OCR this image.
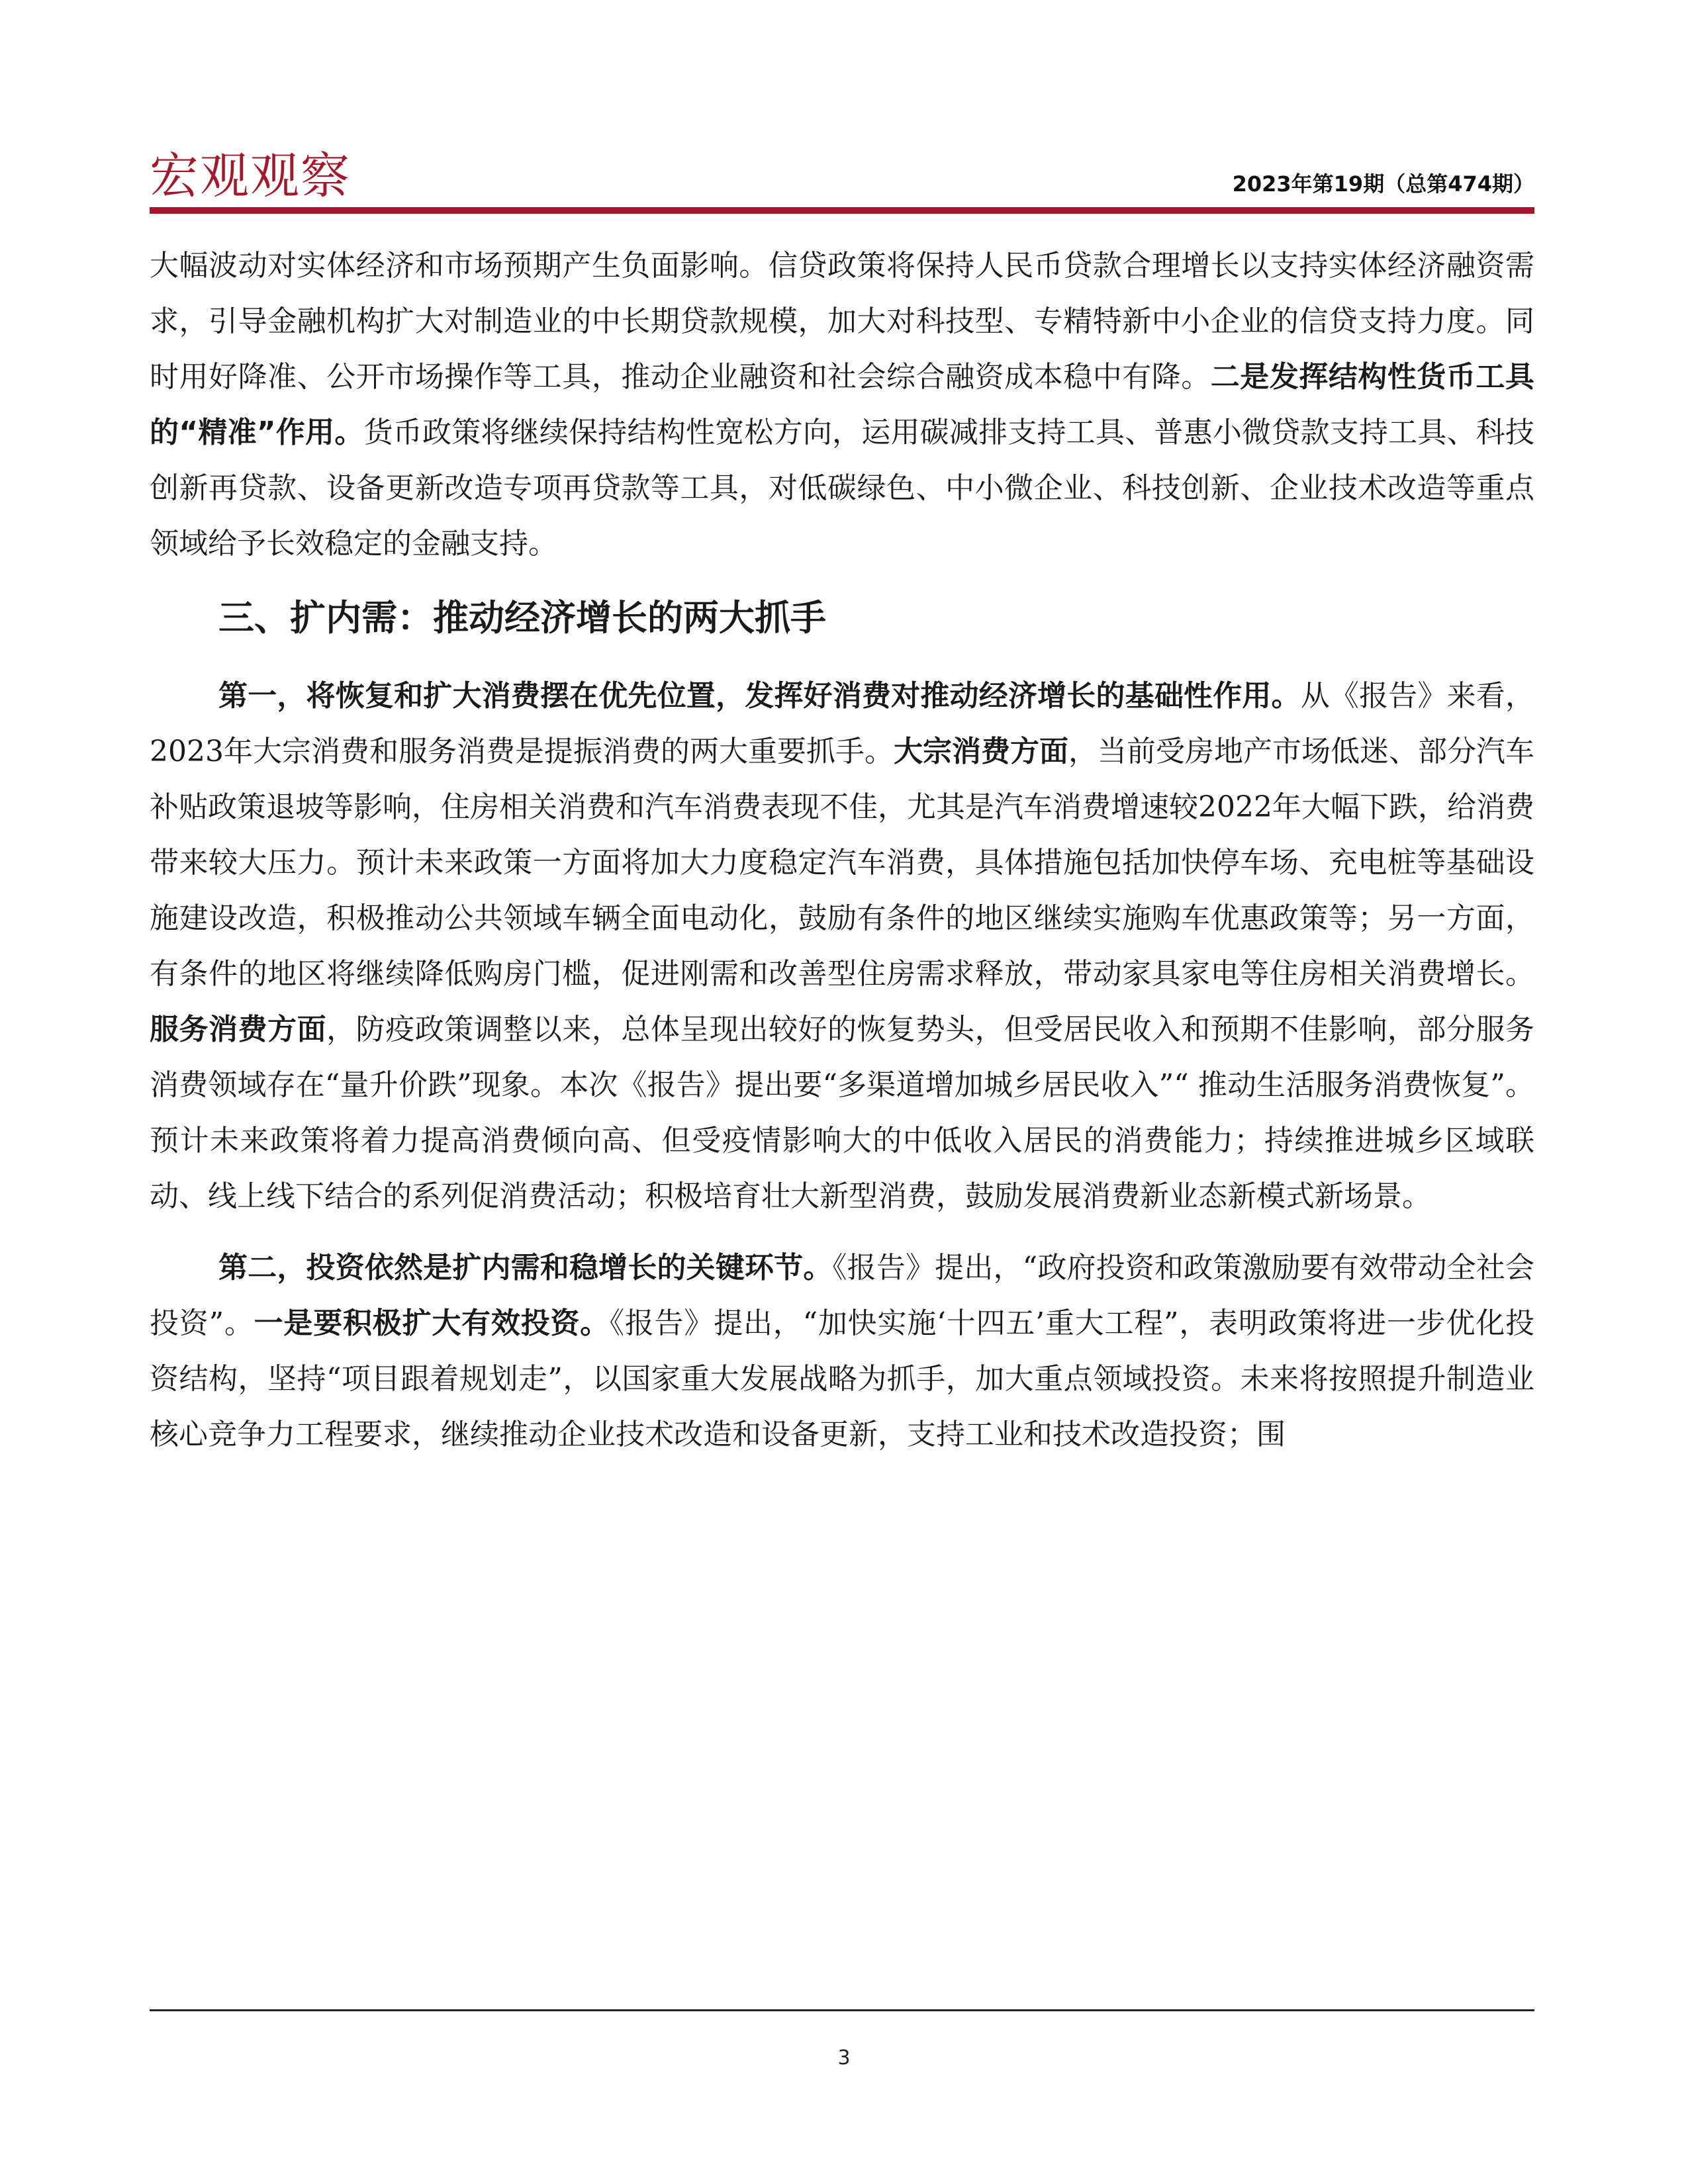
宏观观察	2023年第19期（总第474期）

大幅波动对实体经济和市场预期产生负面影响。信贷政策将保持人民币贷款合理增长以支持实体经济融资需求，引导金融机构扩大对制造业的中长期贷款规模，加大对科技型、专精特新中小企业的信贷支持力度。同时用好降准、公开市场操作等工具，推动企业融资和社会综合融资成本稳中有降。二是发挥结构性货币工具的“精准”作用。货币政策将继续保持结构性宽松方向，运用碳减排支持工具、普惠小微贷款支持工具、科技创新再贷款、设备更新改造专项再贷款等工具，对低碳绿色、中小微企业、科技创新、企业技术改造等重点领域给予长效稳定的金融支持。

三、扩内需：推动经济增长的两大抓手

第一，将恢复和扩大消费摆在优先位置，发挥好消费对推动经济增长的基础性作用。从《报告》来看，2023年大宗消费和服务消费是提振消费的两大重要抓手。大宗消费方面，当前受房地产市场低迷、部分汽车补贴政策退坡等影响，住房相关消费和汽车消费表现不佳，尤其是汽车消费增速较2022年大幅下跌，给消费带来较大压力。预计未来政策一方面将加大力度稳定汽车消费，具体措施包括加快停车场、充电桩等基础设施建设改造，积极推动公共领域车辆全面电动化，鼓励有条件的地区继续实施购车优惠政策等；另一方面，有条件的地区将继续降低购房门槛，促进刚需和改善型住房需求释放，带动家具家电等住房相关消费增长。服务消费方面，防疫政策调整以来，总体呈现出较好的恢复势头，但受居民收入和预期不佳影响，部分服务消费领域存在“量升价跌”现象。本次《报告》提出要“多渠道增加城乡居民收入”“ 推动生活服务消费恢复”。预计未来政策将着力提高消费倾向高、但受疫情影响大的中低收入居民的消费能力；持续推进城乡区域联动、线上线下结合的系列促消费活动；积极培育壮大新型消费，鼓励发展消费新业态新模式新场景。

第二，投资依然是扩内需和稳增长的关键环节。《报告》提出，“政府投资和政策激励要有效带动全社会投资”。一是要积极扩大有效投资。《报告》提出，“加快实施‘十四五’重大工程”，表明政策将进一步优化投资结构，坚持“项目跟着规划走”，以国家重大发展战略为抓手，加大重点领域投资。未来将按照提升制造业核心竞争力工程要求，继续推动企业技术改造和设备更新，支持工业和技术改造投资；围

3
